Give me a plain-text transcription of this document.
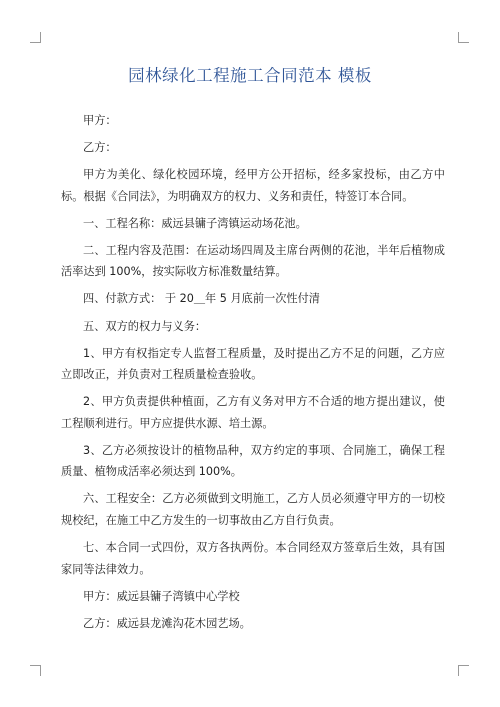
园林绿化工程施工合同范本 模板

甲方：

乙方：

甲方为美化、绿化校园环境，经甲方公开招标，经多家投标，由乙方中标。根据《合同法》，为明确双方的权力、义务和责任，特签订本合同。

一、工程名称：威远县镛子湾镇运动场花池。

二、工程内容及范围：在运动场四周及主席台两侧的花池，半年后植物成活率达到 100%，按实际收方标准数量结算。

四、付款方式： 于 20＿年 5 月底前一次性付清

五、双方的权力与义务：

1、甲方有权指定专人监督工程质量，及时提出乙方不足的问题，乙方应立即改正，并负责对工程质量检查验收。

2、甲方负责提供种植面，乙方有义务对甲方不合适的地方提出建议，使工程顺利进行。甲方应提供水源、培土源。

3、乙方必须按设计的植物品种，双方约定的事项、合同施工，确保工程质量、植物成活率必须达到 100%。

六、工程安全：乙方必须做到文明施工，乙方人员必须遵守甲方的一切校规校纪，在施工中乙方发生的一切事故由乙方自行负责。

七、本合同一式四份，双方各执两份。本合同经双方签章后生效，具有国家同等法律效力。

甲方：威远县镛子湾镇中心学校

乙方：威远县龙滩沟花木园艺场。
